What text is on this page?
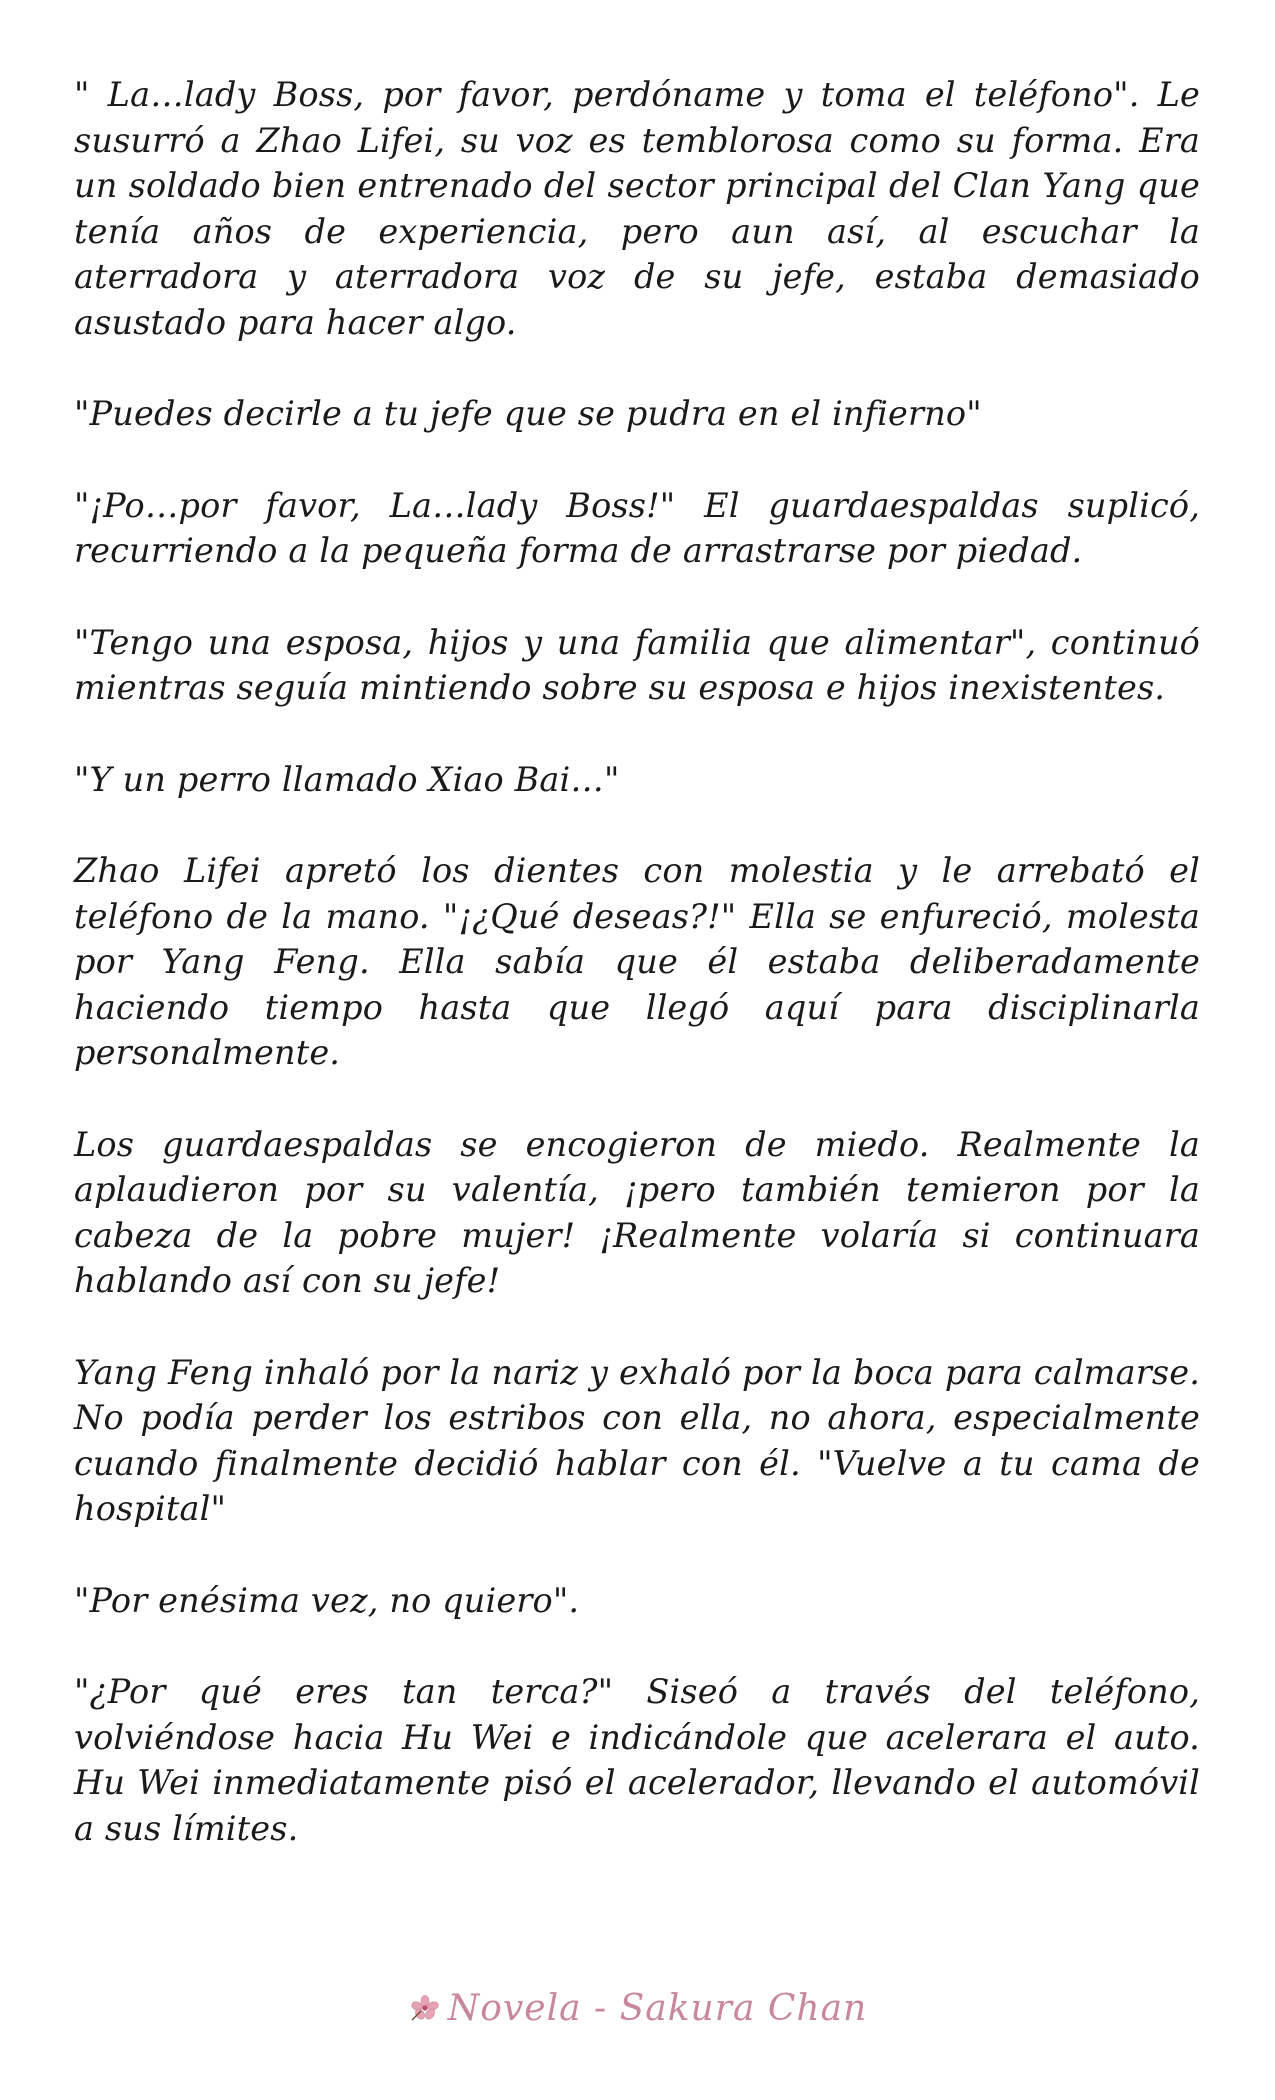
" La…lady Boss, por favor, perdóname y toma el teléfono". Le susurró a Zhao Lifei, su voz es temblorosa como su forma. Era un soldado bien entrenado del sector principal del Clan Yang que tenía años de experiencia, pero aun así, al escuchar la aterradora y aterradora voz de su jefe, estaba demasiado asustado para hacer algo.

"Puedes decirle a tu jefe que se pudra en el infierno"

"¡Po…por favor, La…lady Boss!" El guardaespaldas suplicó, recurriendo a la pequeña forma de arrastrarse por piedad.

"Tengo una esposa, hijos y una familia que alimentar", continuó mientras seguía mintiendo sobre su esposa e hijos inexistentes.

"Y un perro llamado Xiao Bai…"

Zhao Lifei apretó los dientes con molestia y le arrebató el teléfono de la mano. "¡¿Qué deseas?!" Ella se enfureció, molesta por Yang Feng. Ella sabía que él estaba deliberadamente haciendo tiempo hasta que llegó aquí para disciplinarla personalmente.

Los guardaespaldas se encogieron de miedo. Realmente la aplaudieron por su valentía, ¡pero también temieron por la cabeza de la pobre mujer! ¡Realmente volaría si continuara hablando así con su jefe!

Yang Feng inhaló por la nariz y exhaló por la boca para calmarse. No podía perder los estribos con ella, no ahora, especialmente cuando finalmente decidió hablar con él. "Vuelve a tu cama de hospital"

"Por enésima vez, no quiero".

"¿Por qué eres tan terca?" Siseó a través del teléfono, volviéndose hacia Hu Wei e indicándole que acelerara el auto. Hu Wei inmediatamente pisó el acelerador, llevando el automóvil a sus límites.

Novela - Sakura Chan
